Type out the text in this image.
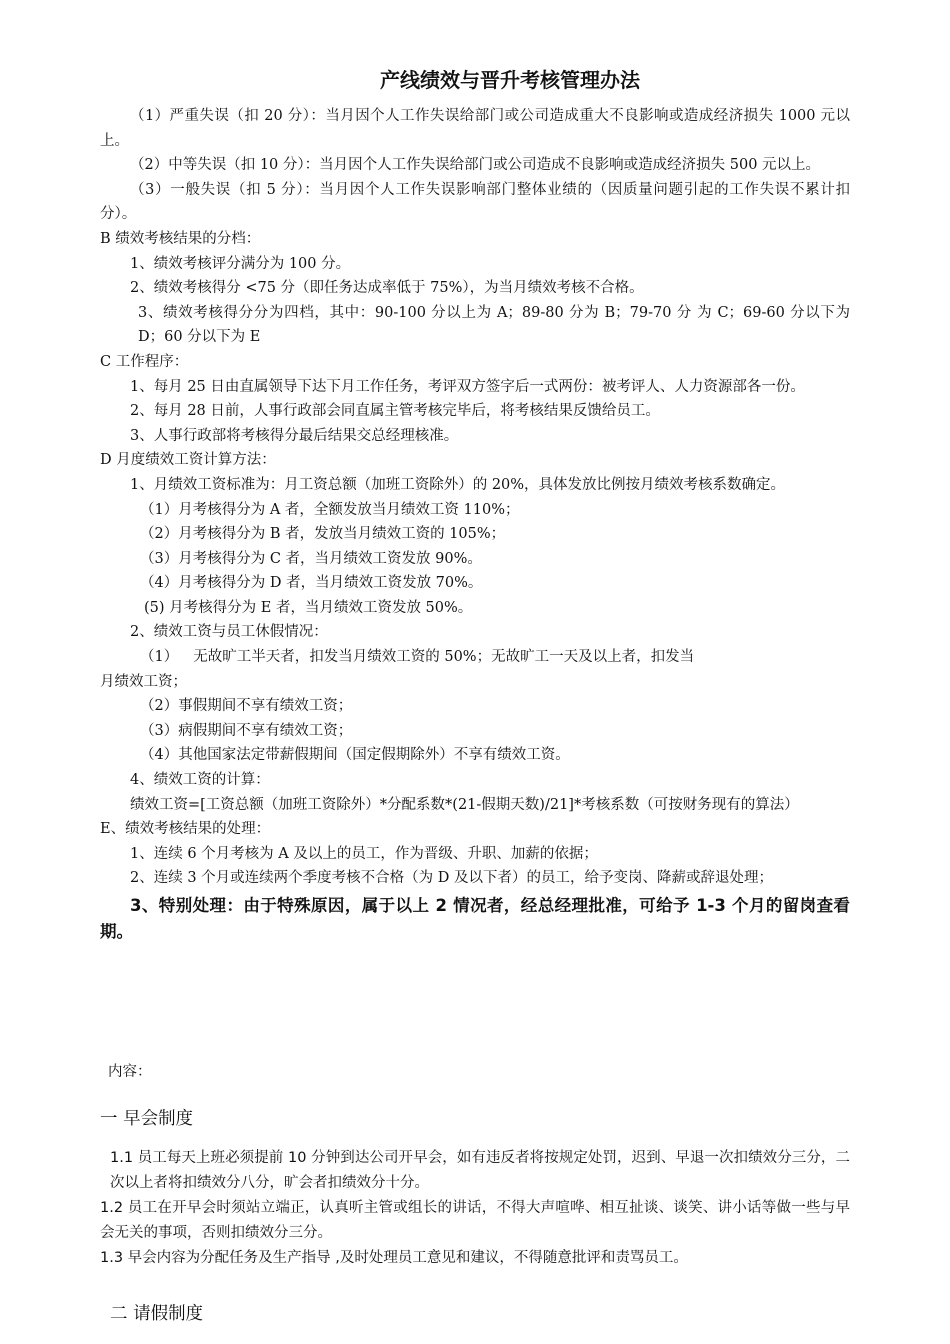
产线绩效与晋升考核管理办法

（1）严重失误（扣 20 分）：当月因个人工作失误给部门或公司造成重大不良影响或造成经济损失 1000 元以上。

（2）中等失误（扣 10 分）：当月因个人工作失误给部门或公司造成不良影响或造成经济损失 500 元以上。

（3）一般失误（扣 5 分）：当月因个人工作失误影响部门整体业绩的（因质量问题引起的工作失误不累计扣分）。

B 绩效考核结果的分档：

1、绩效考核评分满分为 100 分。

2、绩效考核得分 <75 分（即任务达成率低于 75%），为当月绩效考核不合格。

3、绩效考核得分分为四档，其中：90-100 分以上为 A；89-80 分为 B；79-70 分 为 C；69-60 分以下为 D；60 分以下为 E

C 工作程序：

1、每月 25 日由直属领导下达下月工作任务，考评双方签字后一式两份：被考评人、人力资源部各一份。

2、每月 28 日前，人事行政部会同直属主管考核完毕后，将考核结果反馈给员工。

3、人事行政部将考核得分最后结果交总经理核准。

D 月度绩效工资计算方法：

1、月绩效工资标准为：月工资总额（加班工资除外）的 20%，具体发放比例按月绩效考核系数确定。

（1）月考核得分为 A 者，全额发放当月绩效工资 110%；

（2）月考核得分为 B 者，发放当月绩效工资的 105%；

（3）月考核得分为 C 者，当月绩效工资发放 90%。

（4）月考核得分为 D 者，当月绩效工资发放 70%。

(5) 月考核得分为 E 者，当月绩效工资发放 50%。

2、绩效工资与员工休假情况：

（1） 无故旷工半天者，扣发当月绩效工资的 50%；无故旷工一天及以上者，扣发当

月绩效工资；

（2）事假期间不享有绩效工资；

（3）病假期间不享有绩效工资；

（4）其他国家法定带薪假期间（国定假期除外）不享有绩效工资。

4、绩效工资的计算：

绩效工资=[工资总额（加班工资除外）*分配系数*(21-假期天数)/21]*考核系数（可按财务现有的算法）

E、绩效考核结果的处理：

1、连续 6 个月考核为 A 及以上的员工，作为晋级、升职、加薪的依据；

2、连续 3 个月或连续两个季度考核不合格（为 D 及以下者）的员工，给予变岗、降薪或辞退处理；

3、特别处理：由于特殊原因，属于以上 2 情况者，经总经理批准，可给予 1-3 个月的留岗查看期。

内容：

一 早会制度

1.1 员工每天上班必须提前 10 分钟到达公司开早会，如有违反者将按规定处罚，迟到、早退一次扣绩效分三分，二次以上者将扣绩效分八分，旷会者扣绩效分十分。

1.2 员工在开早会时须站立端正，认真听主管或组长的讲话，不得大声喧哗、相互扯谈、谈笑、讲小话等做一些与早会无关的事项，否则扣绩效分三分。

1.3 早会内容为分配任务及生产指导 ,及时处理员工意见和建议，不得随意批评和责骂员工。

二 请假制度
